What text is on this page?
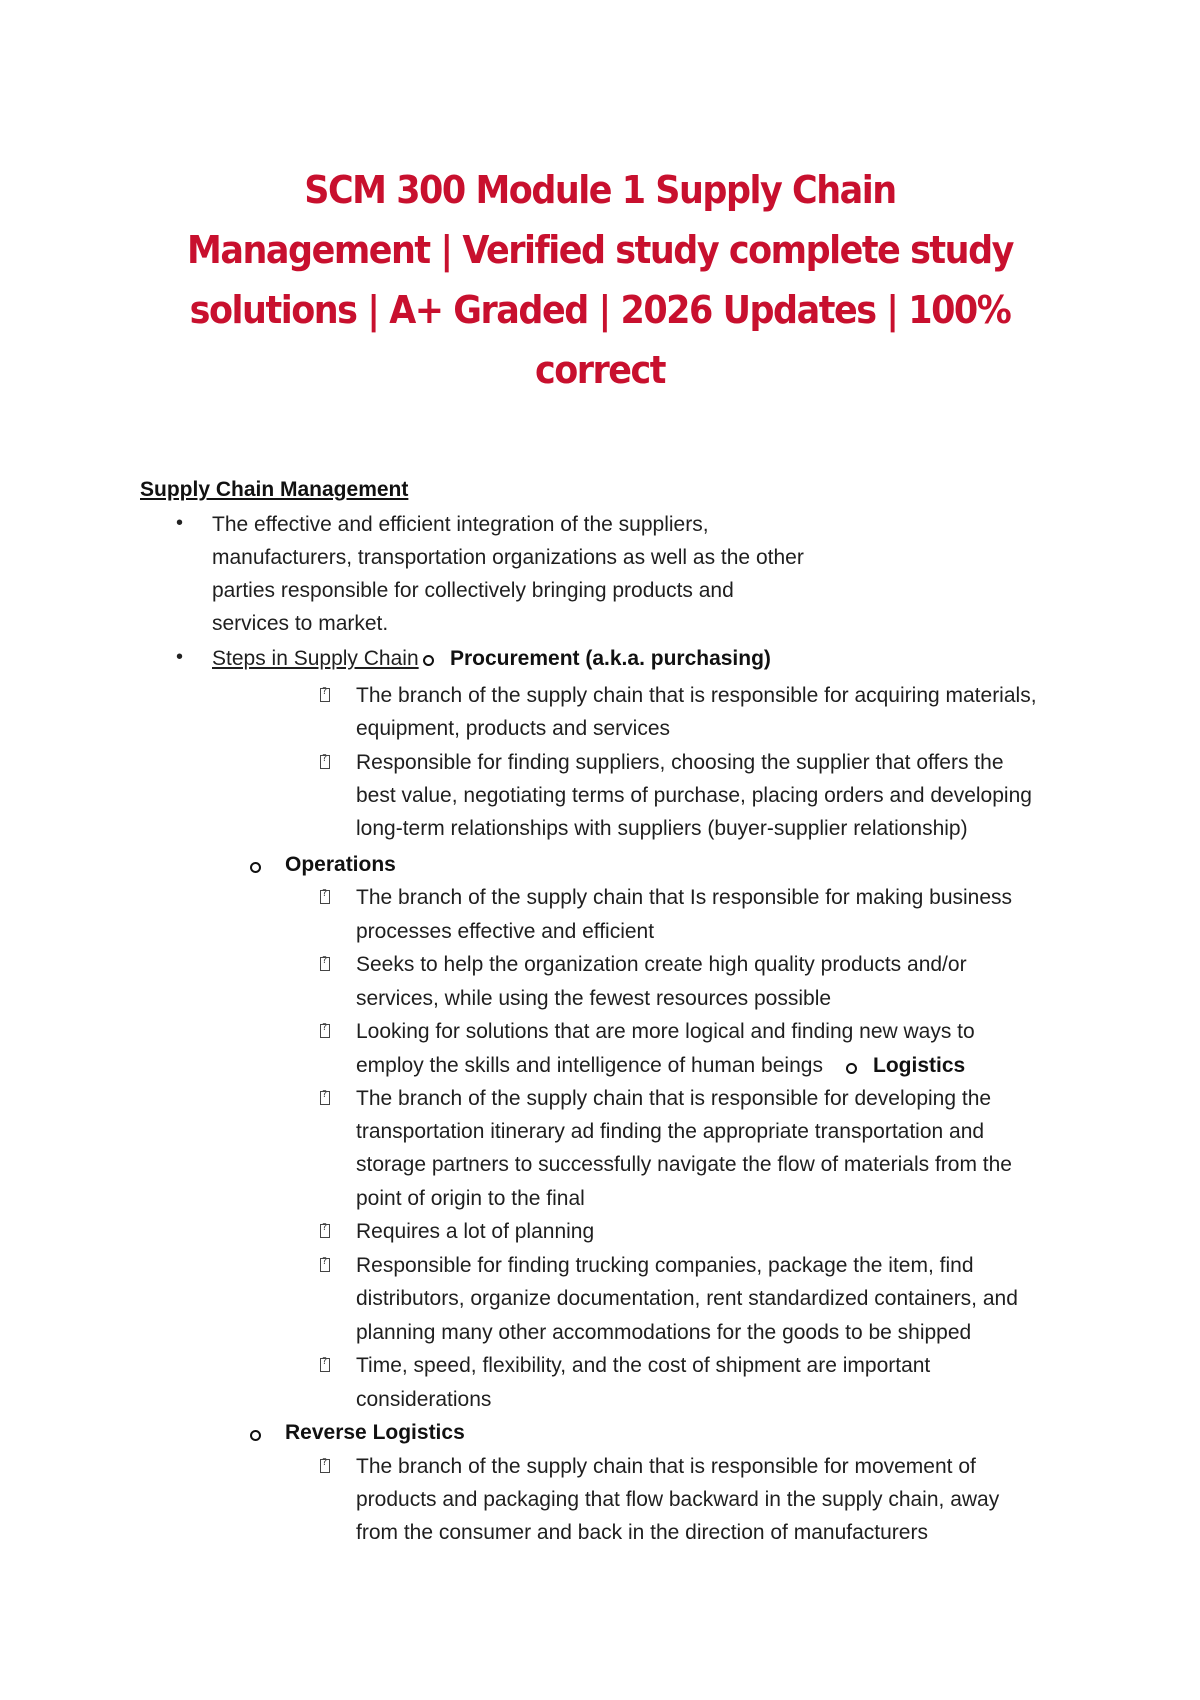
SCM 300 Module 1 Supply Chain Management | Verified study complete study solutions | A+ Graded | 2026 Updates | 100% correct
Supply Chain Management
• The effective and efficient integration of the suppliers,
manufacturers, transportation organizations as well as the other
parties responsible for collectively bringing products and
services to market.
• Steps in Supply Chain Procurement (a.k.a. purchasing)
?
The branch of the supply chain that is responsible for acquiring materials,
equipment, products and services
?
Responsible for finding suppliers, choosing the supplier that offers the
best value, negotiating terms of purchase, placing orders and developing
long-term relationships with suppliers (buyer-supplier relationship)
Operations
?
The branch of the supply chain that Is responsible for making business
processes effective and efficient
?
Seeks to help the organization create high quality products and/or
services, while using the fewest resources possible
?
Looking for solutions that are more logical and finding new ways to
employ the skills and intelligence of human beings Logistics
?
The branch of the supply chain that is responsible for developing the
transportation itinerary ad finding the appropriate transportation and
storage partners to successfully navigate the flow of materials from the
point of origin to the final
?
Requires a lot of planning
?
Responsible for finding trucking companies, package the item, find
distributors, organize documentation, rent standardized containers, and
planning many other accommodations for the goods to be shipped
?
Time, speed, flexibility, and the cost of shipment are important
considerations
Reverse Logistics
?
The branch of the supply chain that is responsible for movement of
products and packaging that flow backward in the supply chain, away
from the consumer and back in the direction of manufacturers
